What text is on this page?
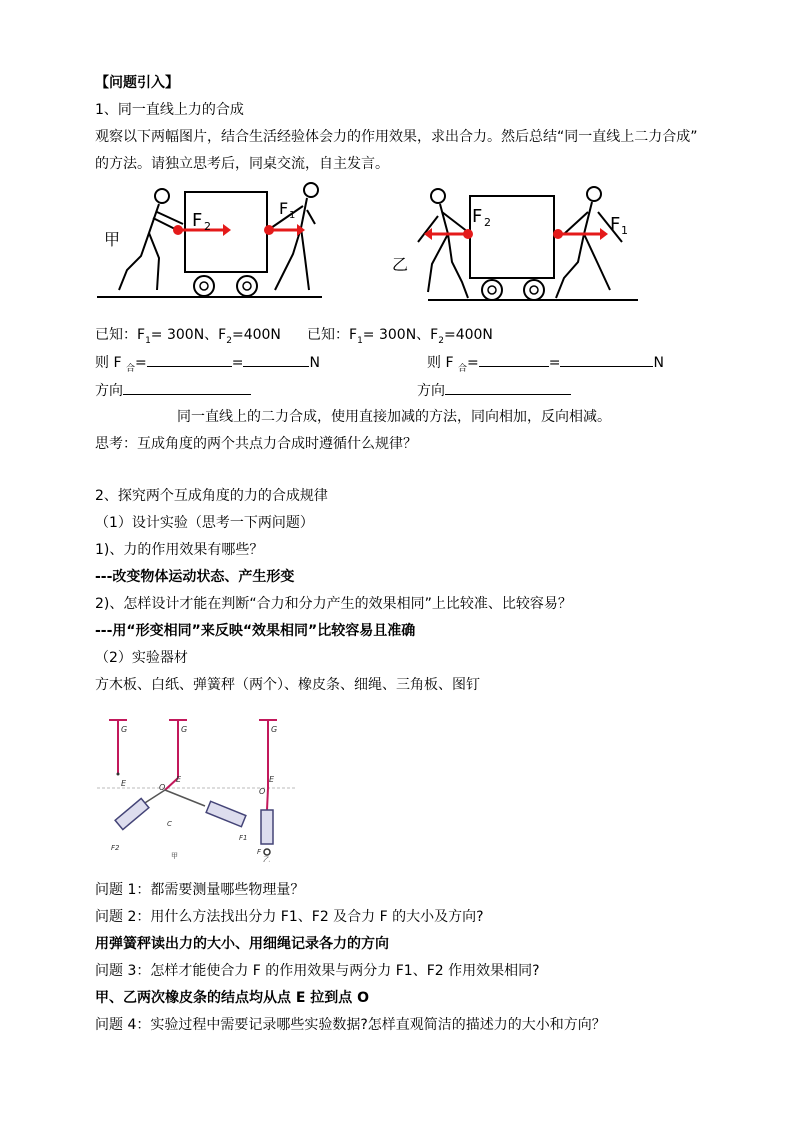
【问题引入】
1、同一直线上力的合成
观察以下两幅图片，结合生活经验体会力的作用效果，求出合力。然后总结“同一直线上二力合成”
的方法。请独立思考后，同桌交流，自主发言。
甲
F 2
F 1
乙
F 2	F 1
已知：$F_1= 300N$、$F_2=400N$ 已知：$F_1= 300N$、$F_2=400N$
则 F $_合$=	=	N	则 F $_合$=	=	N
方向	方向
同一直线上的二力合成，使用直接加减的方法，同向相加，反向相减。
思考：互成角度的两个共点力合成时遵循什么规律？
2、探究两个互成角度的力的合成规律
（1）设计实验（思考一下两问题）
1)、力的作用效果有哪些？
---改变物体运动状态、产生形变
2)、怎样设计才能在判断“合力和分力产生的效果相同”上比较准、比较容易？
---用“形变相同”来反映“效果相同”比较容易且准确
（2）实验器材
方木板、白纸、弹簧秤（两个）、橡皮条、细绳、三角板、图钉
G	G	G
E	E	E
O	O
C
F2
F1
F
甲	乙
问题 1：都需要测量哪些物理量？
问题 2：用什么方法找出分力 F1、F2 及合力 F 的大小及方向?
用弹簧秤读出力的大小、用细绳记录各力的方向
问题 3：怎样才能使合力 F 的作用效果与两分力 F1、F2 作用效果相同?
甲、乙两次橡皮条的结点均从点 E 拉到点 O
问题 4：实验过程中需要记录哪些实验数据?怎样直观简洁的描述力的大小和方向？
